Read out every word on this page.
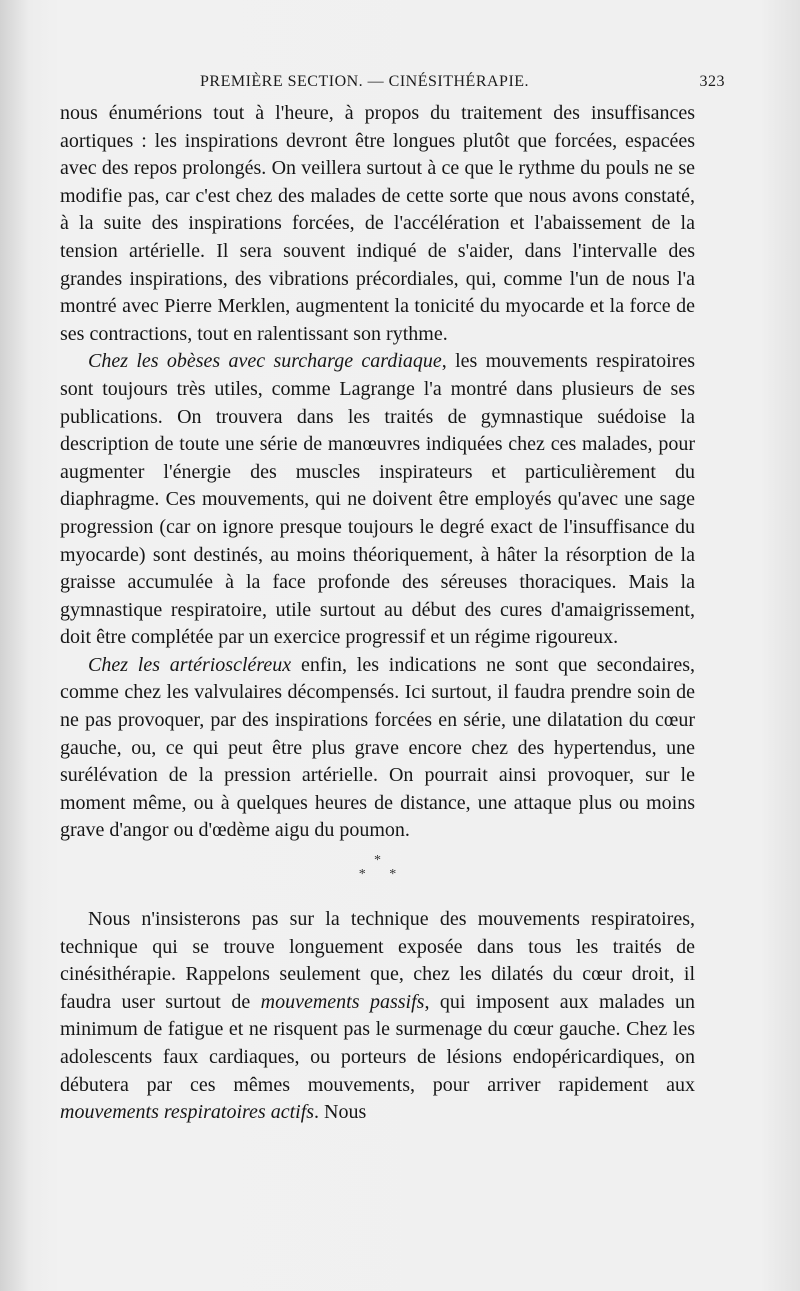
PREMIÈRE SECTION. — CINÉSITHÉRAPIE.	323

nous énumérions tout à l'heure, à propos du traitement des insuffisances aortiques : les inspirations devront être longues plutôt que forcées, espacées avec des repos prolongés. On veillera surtout à ce que le rythme du pouls ne se modifie pas, car c'est chez des malades de cette sorte que nous avons constaté, à la suite des inspirations forcées, de l'accélération et l'abaissement de la tension artérielle. Il sera souvent indiqué de s'aider, dans l'intervalle des grandes inspirations, des vibrations précordiales, qui, comme l'un de nous l'a montré avec Pierre Merklen, augmentent la tonicité du myocarde et la force de ses contractions, tout en ralentissant son rythme.

Chez les obèses avec surcharge cardiaque, les mouvements respiratoires sont toujours très utiles, comme Lagrange l'a montré dans plusieurs de ses publications. On trouvera dans les traités de gymnastique suédoise la description de toute une série de manœuvres indiquées chez ces malades, pour augmenter l'énergie des muscles inspirateurs et particulièrement du diaphragme. Ces mouvements, qui ne doivent être employés qu'avec une sage progression (car on ignore presque toujours le degré exact de l'insuffisance du myocarde) sont destinés, au moins théoriquement, à hâter la résorption de la graisse accumulée à la face profonde des séreuses thoraciques. Mais la gymnastique respiratoire, utile surtout au début des cures d'amaigrissement, doit être complétée par un exercice progressif et un régime rigoureux.

Chez les artérioscléreux enfin, les indications ne sont que secondaires, comme chez les valvulaires décompensés. Ici surtout, il faudra prendre soin de ne pas provoquer, par des inspirations forcées en série, une dilatation du cœur gauche, ou, ce qui peut être plus grave encore chez des hypertendus, une surélévation de la pression artérielle. On pourrait ainsi provoquer, sur le moment même, ou à quelques heures de distance, une attaque plus ou moins grave d'angor ou d'œdème aigu du poumon.

*
* *

Nous n'insisterons pas sur la technique des mouvements respiratoires, technique qui se trouve longuement exposée dans tous les traités de cinésithérapie. Rappelons seulement que, chez les dilatés du cœur droit, il faudra user surtout de mouvements passifs, qui imposent aux malades un minimum de fatigue et ne risquent pas le surmenage du cœur gauche. Chez les adolescents faux cardiaques, ou porteurs de lésions endopéricardiques, on débutera par ces mêmes mouvements, pour arriver rapidement aux mouvements respiratoires actifs. Nous
